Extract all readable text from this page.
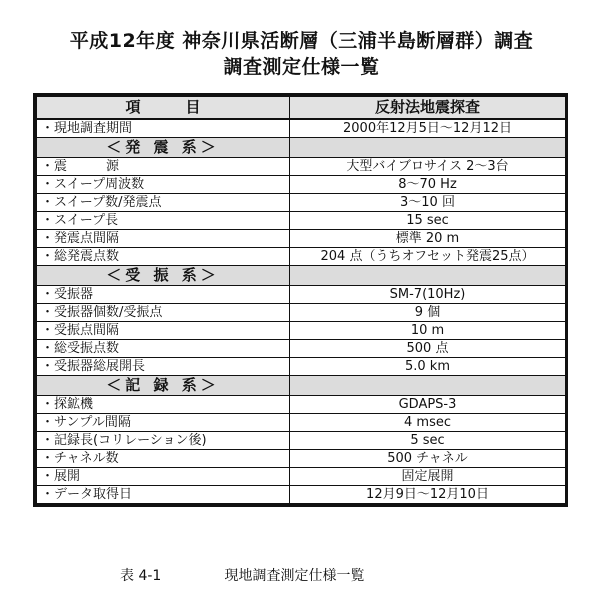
平成12年度 神奈川県活断層（三浦半島断層群）調査
調査測定仕様一覧
項　　　目	反射法地震探査
・現地調査期間	2000年12月5日～12月12日
＜発 震 系＞	
・震　　　源	大型バイブロサイス 2～3台
・スイープ周波数	8～70 Hz
・スイープ数/発震点	3～10 回
・スイープ長	15 sec
・発震点間隔	標準 20 m
・総発震点数	204 点（うちオフセット発震25点）
＜受 振 系＞	
・受振器	SM-7(10Hz)
・受振器個数/受振点	9 個
・受振点間隔	10 m
・総受振点数	500 点
・受振器総展開長	5.0 km
＜記 録 系＞	
・探鉱機	GDAPS-3
・サンプル間隔	4 msec
・記録長(コリレーション後)	5 sec
・チャネル数	500 チャネル
・展開	固定展開
・データ取得日	12月9日～12月10日
表 4-1	現地調査測定仕様一覧
